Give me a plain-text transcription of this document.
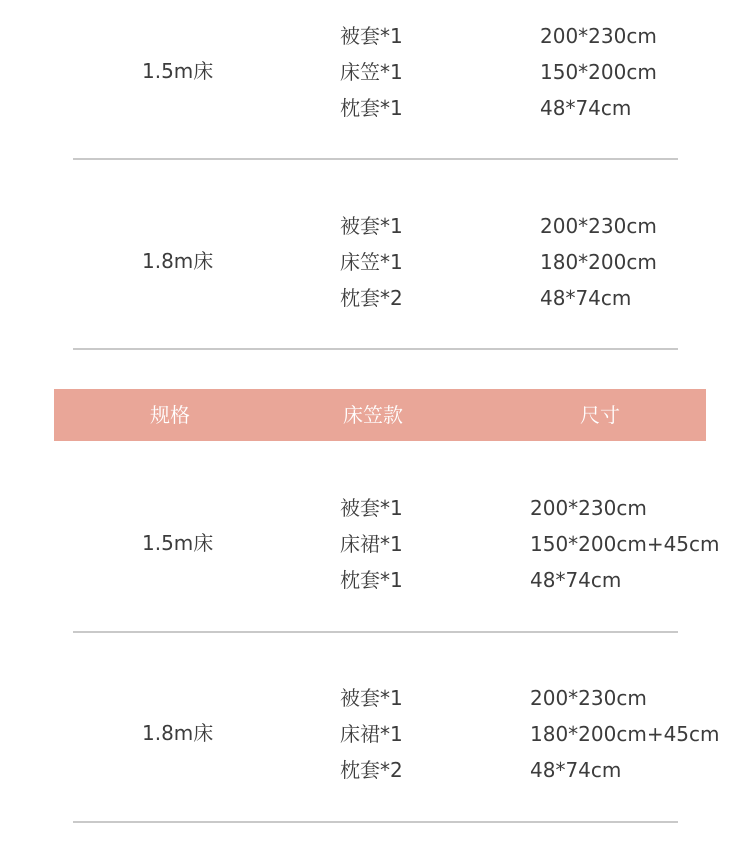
1.5m床
被套*1
床笠*1
枕套*1
200*230cm
150*200cm
48*74cm
1.8m床
被套*1
床笠*1
枕套*2
200*230cm
180*200cm
48*74cm
规格	床笠款	尺寸
1.5m床
被套*1
床裙*1
枕套*1
200*230cm
150*200cm+45cm
48*74cm
1.8m床
被套*1
床裙*1
枕套*2
200*230cm
180*200cm+45cm
48*74cm
